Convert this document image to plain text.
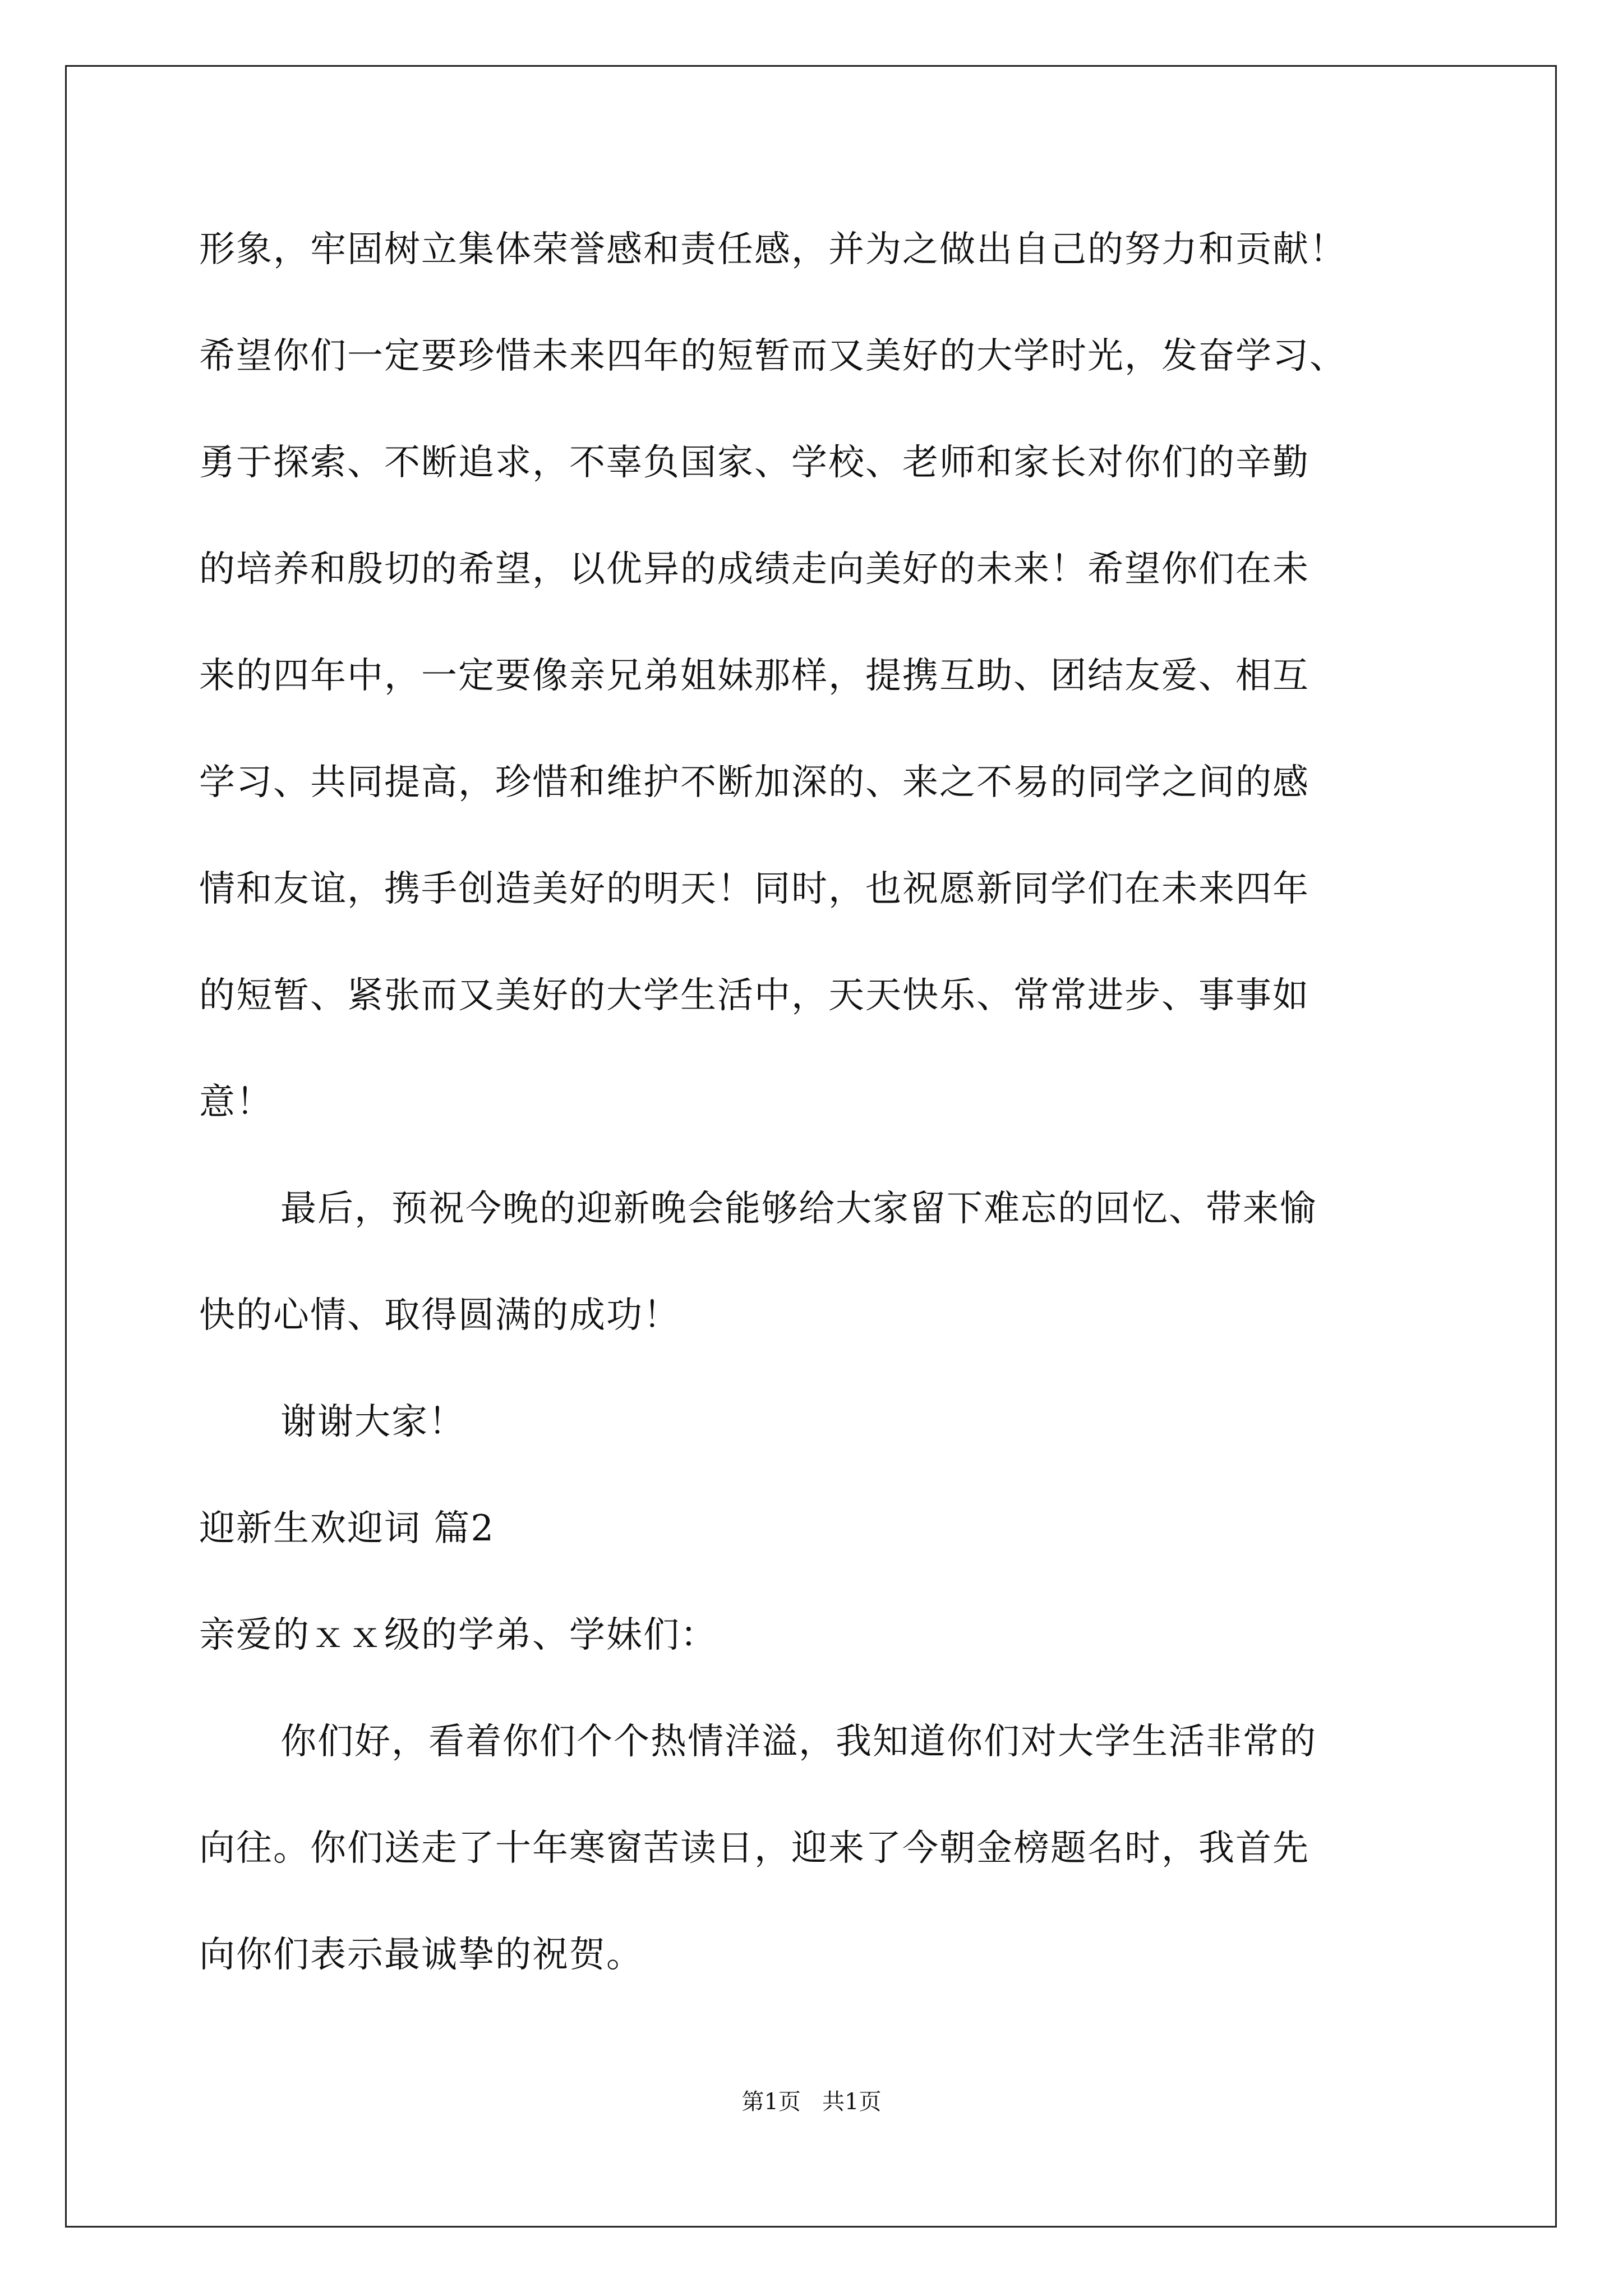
形象，牢固树立集体荣誉感和责任感，并为之做出自己的努力和贡献！
希望你们一定要珍惜未来四年的短暂而又美好的大学时光，发奋学习、
勇于探索、不断追求，不辜负国家、学校、老师和家长对你们的辛勤
的培养和殷切的希望，以优异的成绩走向美好的未来！希望你们在未
来的四年中，一定要像亲兄弟姐妹那样，提携互助、团结友爱、相互
学习、共同提高，珍惜和维护不断加深的、来之不易的同学之间的感
情和友谊，携手创造美好的明天！同时，也祝愿新同学们在未来四年
的短暂、紧张而又美好的大学生活中，天天快乐、常常进步、事事如
意！
最后，预祝今晚的迎新晚会能够给大家留下难忘的回忆、带来愉
快的心情、取得圆满的成功！
谢谢大家！
迎新生欢迎词 篇2
亲爱的ｘｘ级的学弟、学妹们：
你们好，看着你们个个热情洋溢，我知道你们对大学生活非常的
向往。你们送走了十年寒窗苦读日，迎来了今朝金榜题名时，我首先
向你们表示最诚挚的祝贺。
第1页   共1页
